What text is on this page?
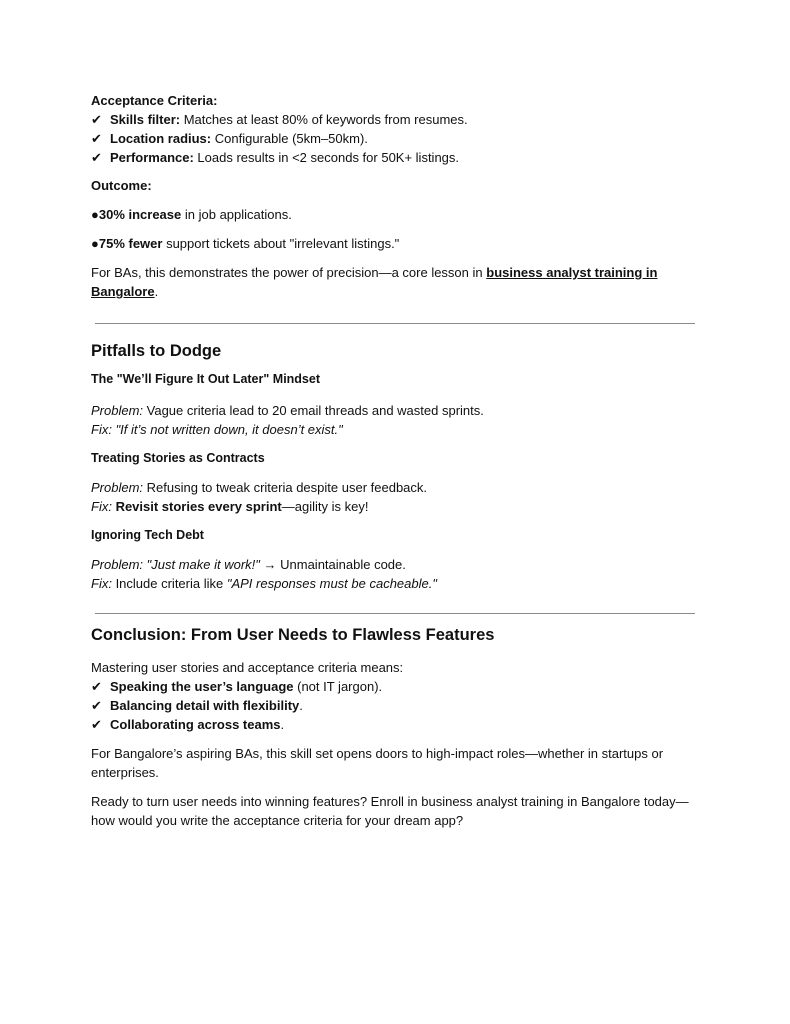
Acceptance Criteria:

✔ Skills filter: Matches at least 80% of keywords from resumes.

✔ Location radius: Configurable (5km–50km).

✔ Performance: Loads results in <2 seconds for 50K+ listings.

Outcome:

●30% increase in job applications.

●75% fewer support tickets about "irrelevant listings."

For BAs, this demonstrates the power of precision—a core lesson in business analyst training in Bangalore.

Pitfalls to Dodge

The "We’ll Figure It Out Later" Mindset

Problem: Vague criteria lead to 20 email threads and wasted sprints.

Fix: "If it’s not written down, it doesn’t exist."

Treating Stories as Contracts

Problem: Refusing to tweak criteria despite user feedback.

Fix: Revisit stories every sprint—agility is key!

Ignoring Tech Debt

Problem: "Just make it work!" → Unmaintainable code.

Fix: Include criteria like "API responses must be cacheable."

Conclusion: From User Needs to Flawless Features

Mastering user stories and acceptance criteria means:

✔ Speaking the user’s language (not IT jargon).

✔ Balancing detail with flexibility.

✔ Collaborating across teams.

For Bangalore’s aspiring BAs, this skill set opens doors to high-impact roles—whether in startups or enterprises.

Ready to turn user needs into winning features? Enroll in business analyst training in Bangalore today—how would you write the acceptance criteria for your dream app?
